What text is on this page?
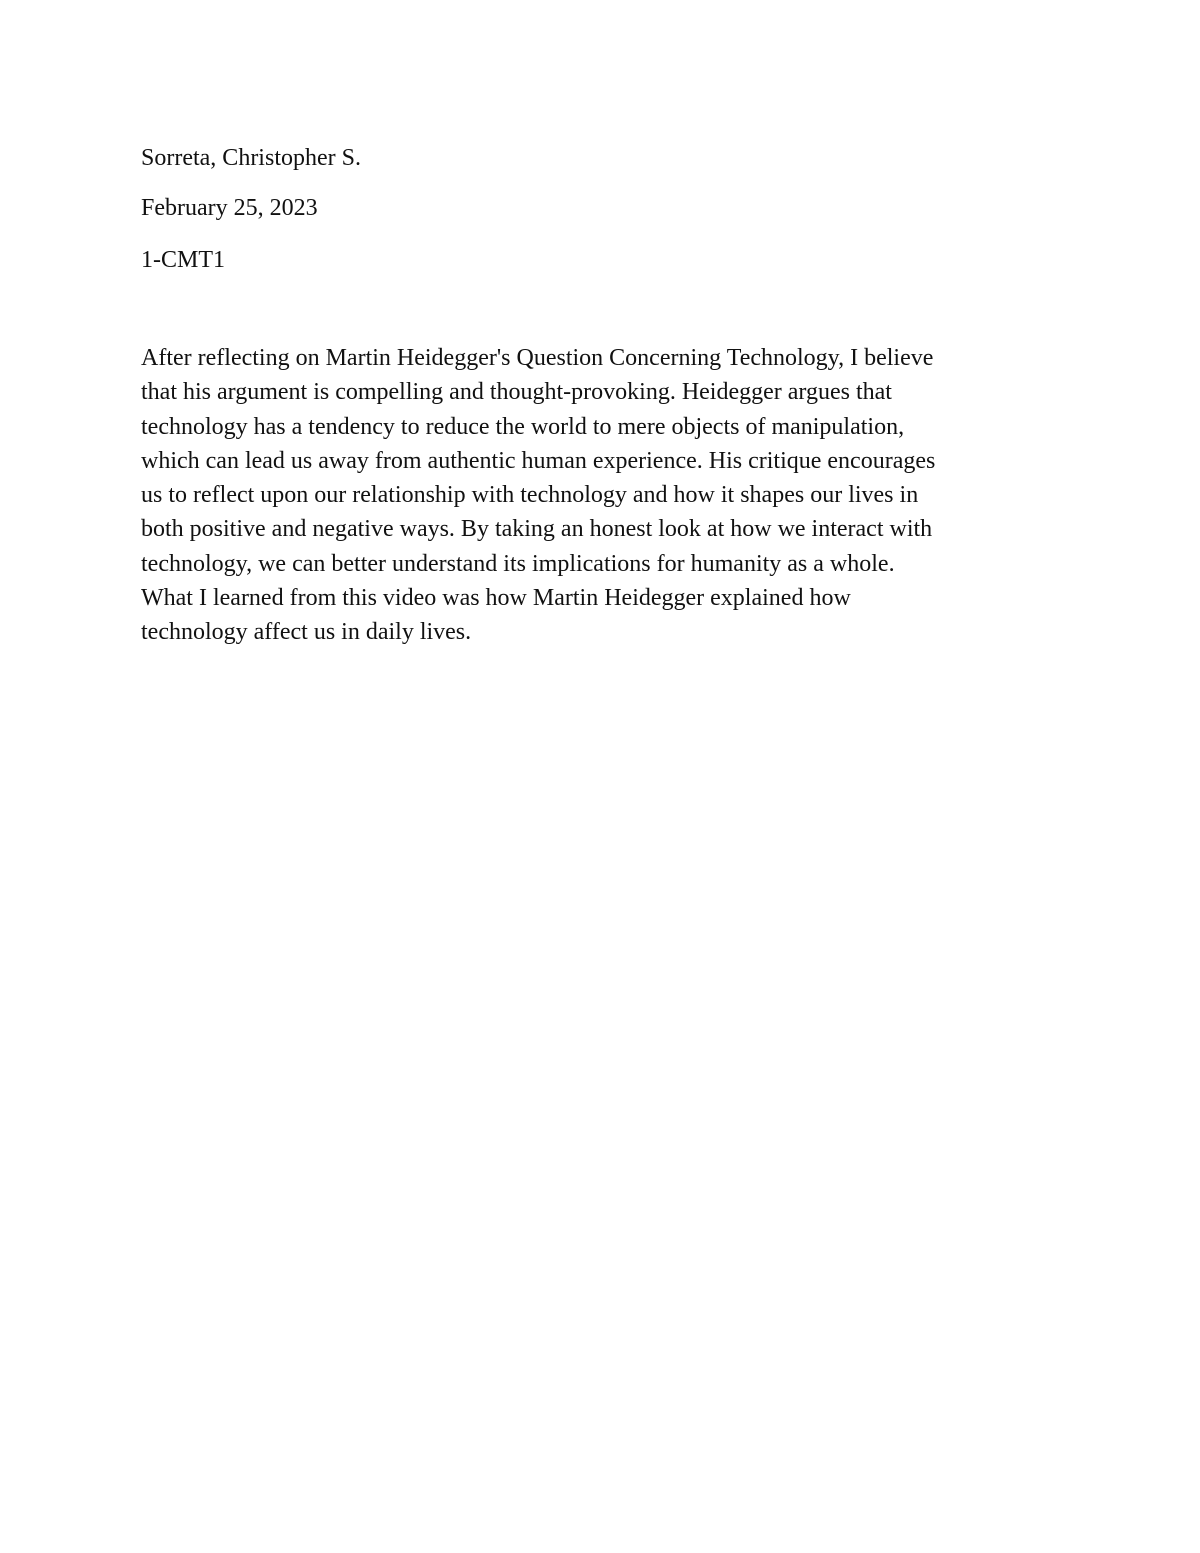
Sorreta, Christopher S.

February 25, 2023

1-CMT1

After reflecting on Martin Heidegger's Question Concerning Technology, I believe
that his argument is compelling and thought-provoking. Heidegger argues that
technology has a tendency to reduce the world to mere objects of manipulation,
which can lead us away from authentic human experience. His critique encourages
us to reflect upon our relationship with technology and how it shapes our lives in
both positive and negative ways. By taking an honest look at how we interact with
technology, we can better understand its implications for humanity as a whole.
What I learned from this video was how Martin Heidegger explained how
technology affect us in daily lives.
